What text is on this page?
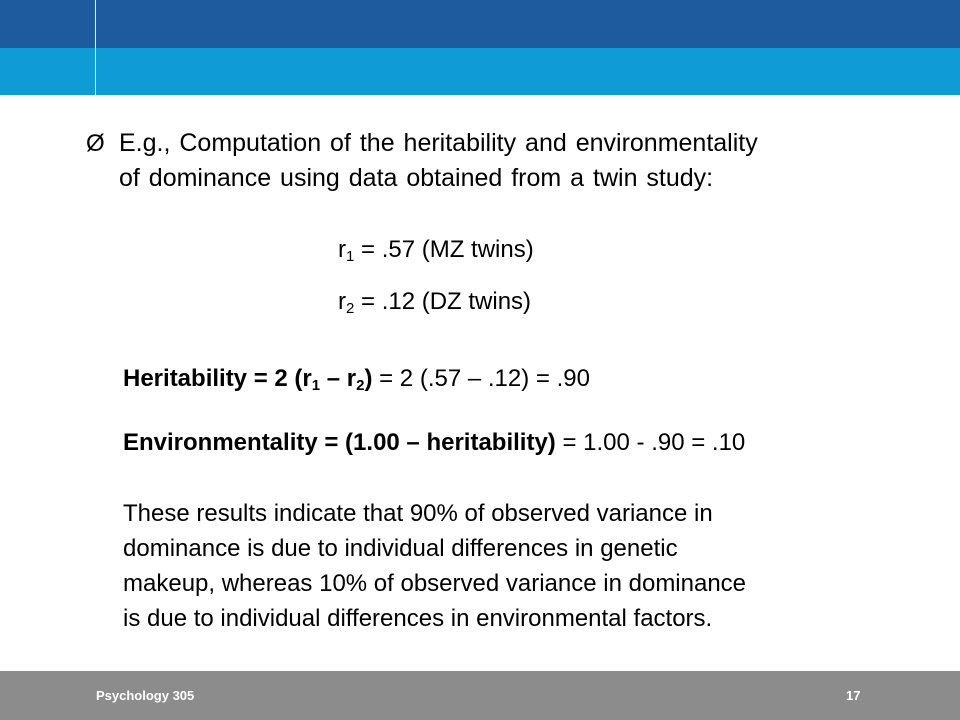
Ø E.g., Computation of the heritability and environmentality
of dominance using data obtained from a twin study:
$r_1 = .57$ (MZ twins)
$r_2 = .12$ (DZ twins)
Heritability = 2 $(r_1 - r_2) = 2$ (.57 – .12) = .90
Environmentality = (1.00 – heritability) = 1.00 - .90 = .10
These results indicate that 90% of observed variance in
dominance is due to individual differences in genetic
makeup, whereas 10% of observed variance in dominance
is due to individual differences in environmental factors.
Psychology 305	17
